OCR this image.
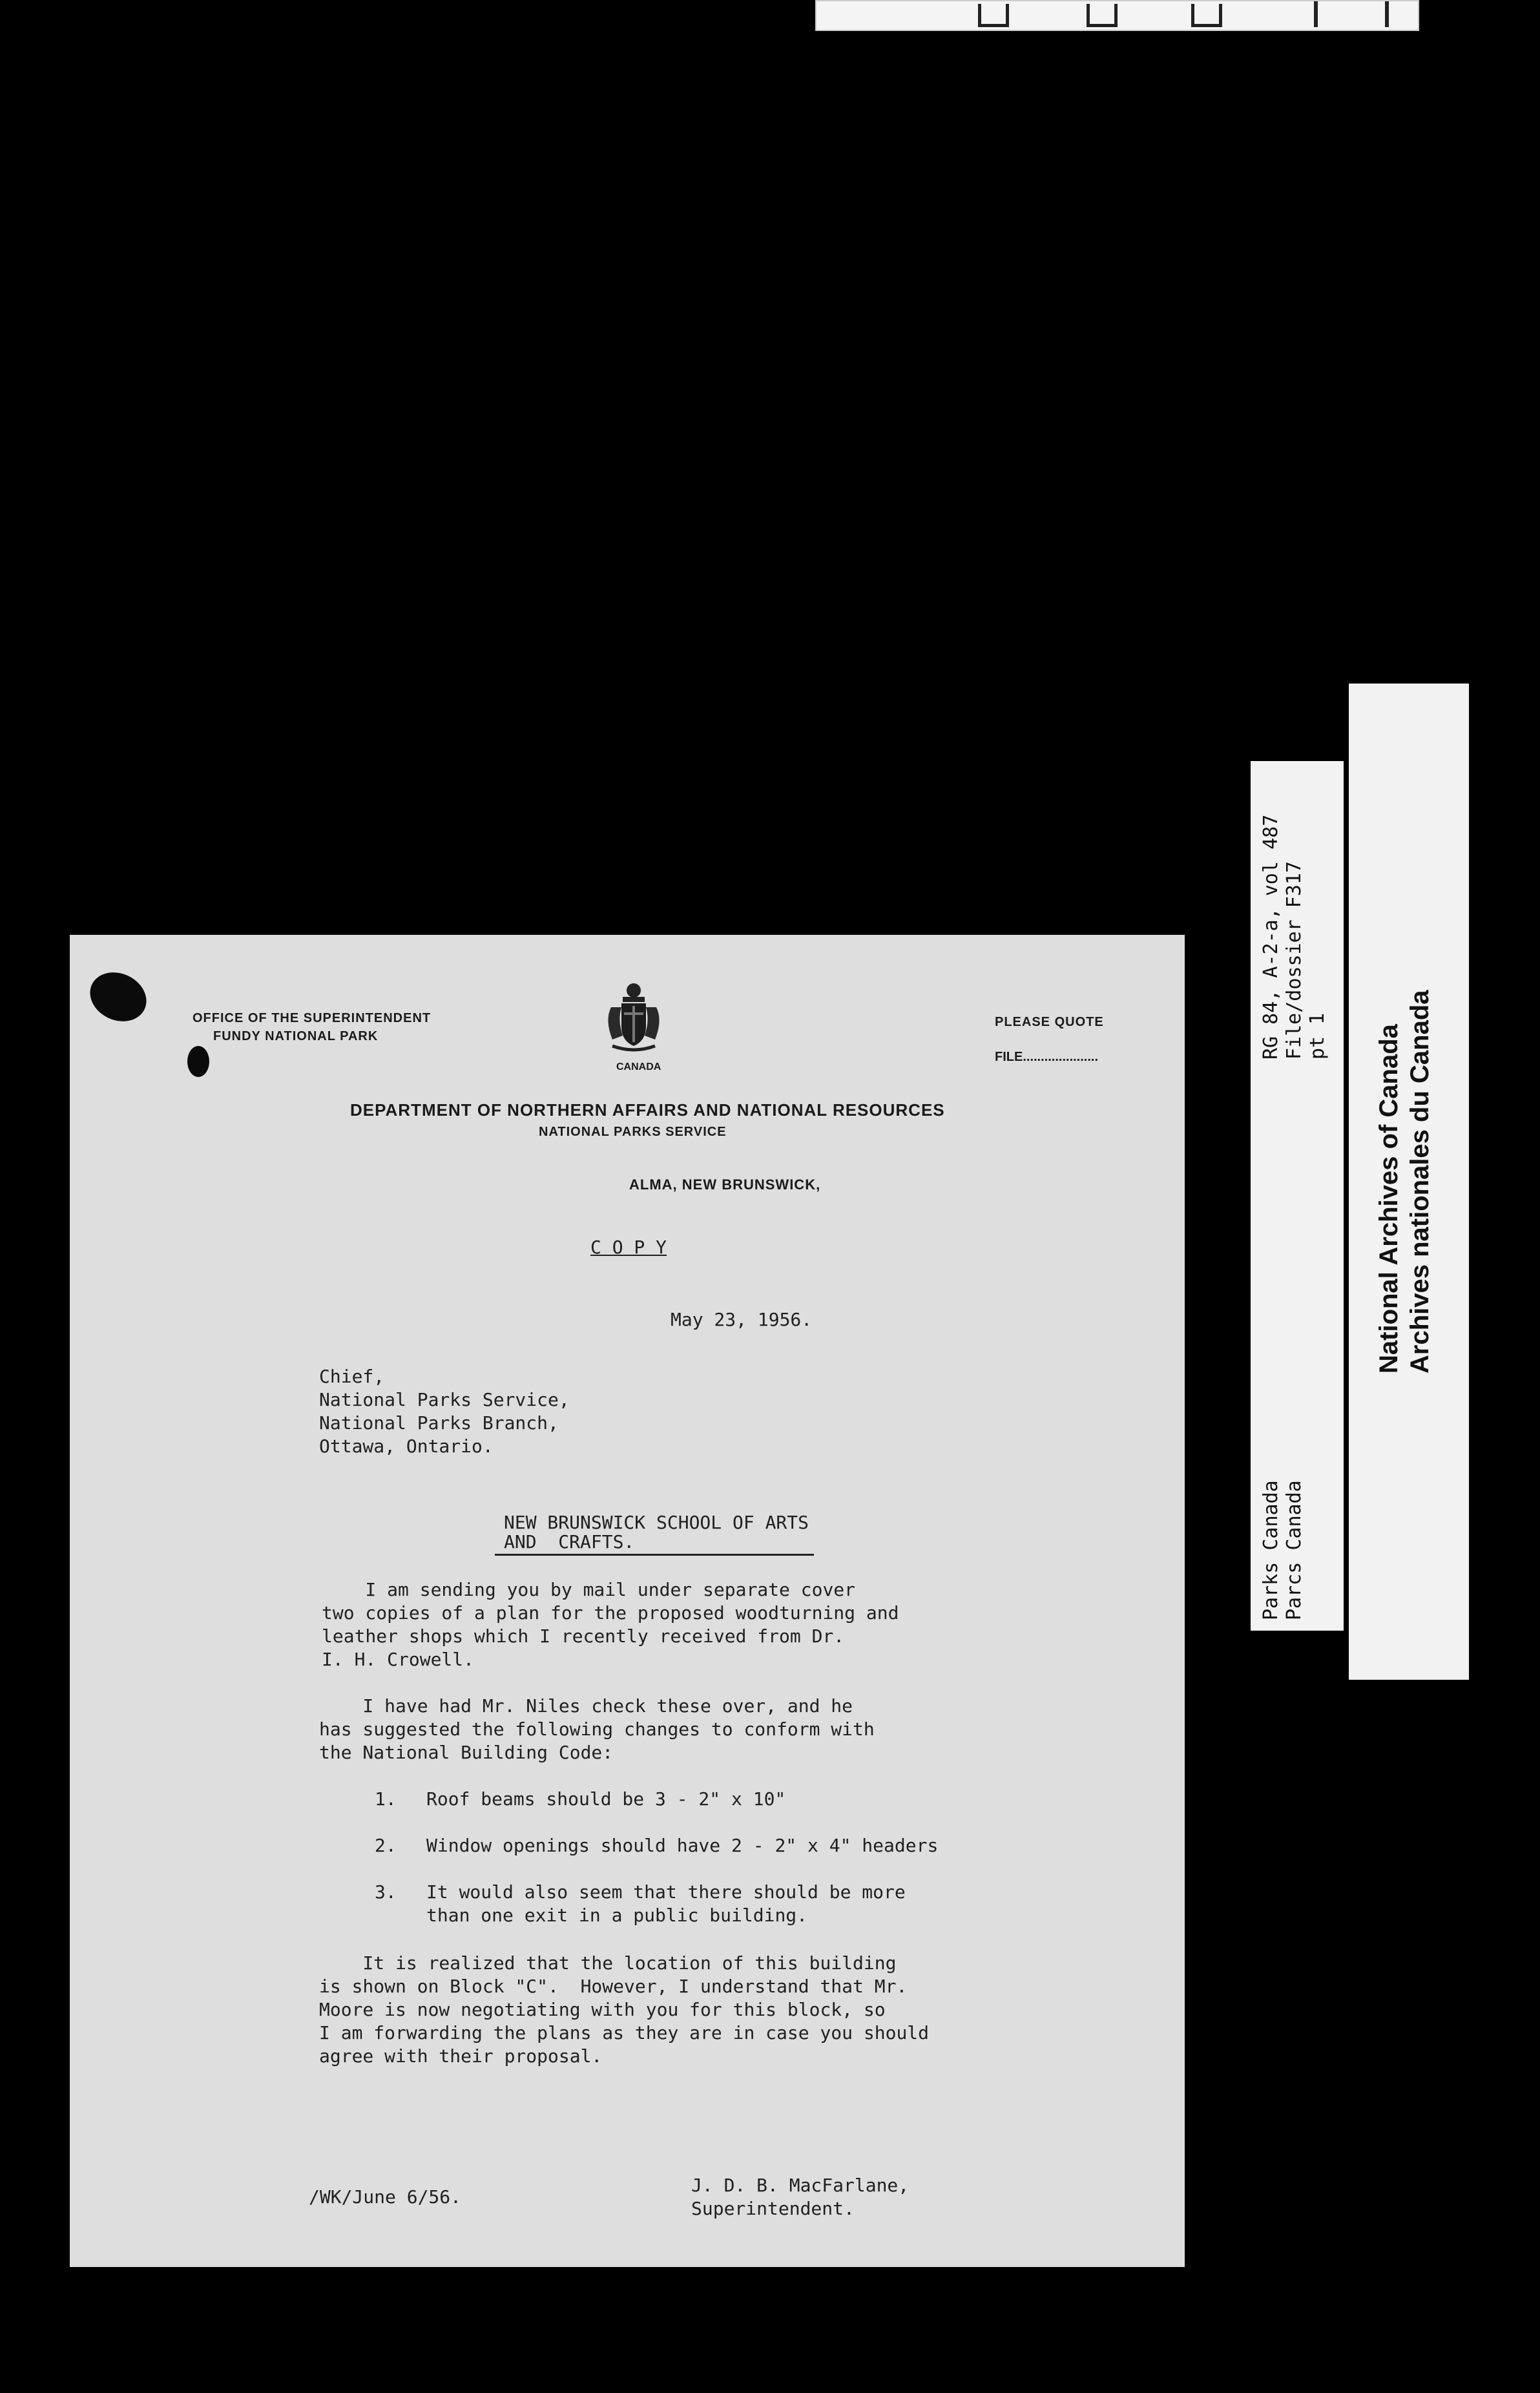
RG 84, A-2-a, vol 487 File/dossier F317 pt 1
Parks Canada Parcs Canada
National Archives of Canada Archives nationales du Canada
OFFICE OF THE SUPERINTENDENT
FUNDY NATIONAL PARK
CANADA
PLEASE QUOTE
FILE.....................
DEPARTMENT OF NORTHERN AFFAIRS AND NATIONAL RESOURCES
NATIONAL PARKS SERVICE
ALMA, NEW BRUNSWICK,
C O P Y
May 23, 1956.
Chief,
National Parks Service,
National Parks Branch,
Ottawa, Ontario.
NEW BRUNSWICK SCHOOL OF ARTS
AND  CRAFTS.
I am sending you by mail under separate cover
two copies of a plan for the proposed woodturning and
leather shops which I recently received from Dr.
I. H. Crowell.
I have had Mr. Niles check these over, and he
has suggested the following changes to conform with
the National Building Code:
1. Roof beams should be 3 - 2" x 10"
2. Window openings should have 2 - 2" x 4" headers
3. It would also seem that there should be more
than one exit in a public building.
It is realized that the location of this building
is shown on Block "C".  However, I understand that Mr.
Moore is now negotiating with you for this block, so
I am forwarding the plans as they are in case you should
agree with their proposal.
/WK/June 6/56.
J. D. B. MacFarlane,
Superintendent.
